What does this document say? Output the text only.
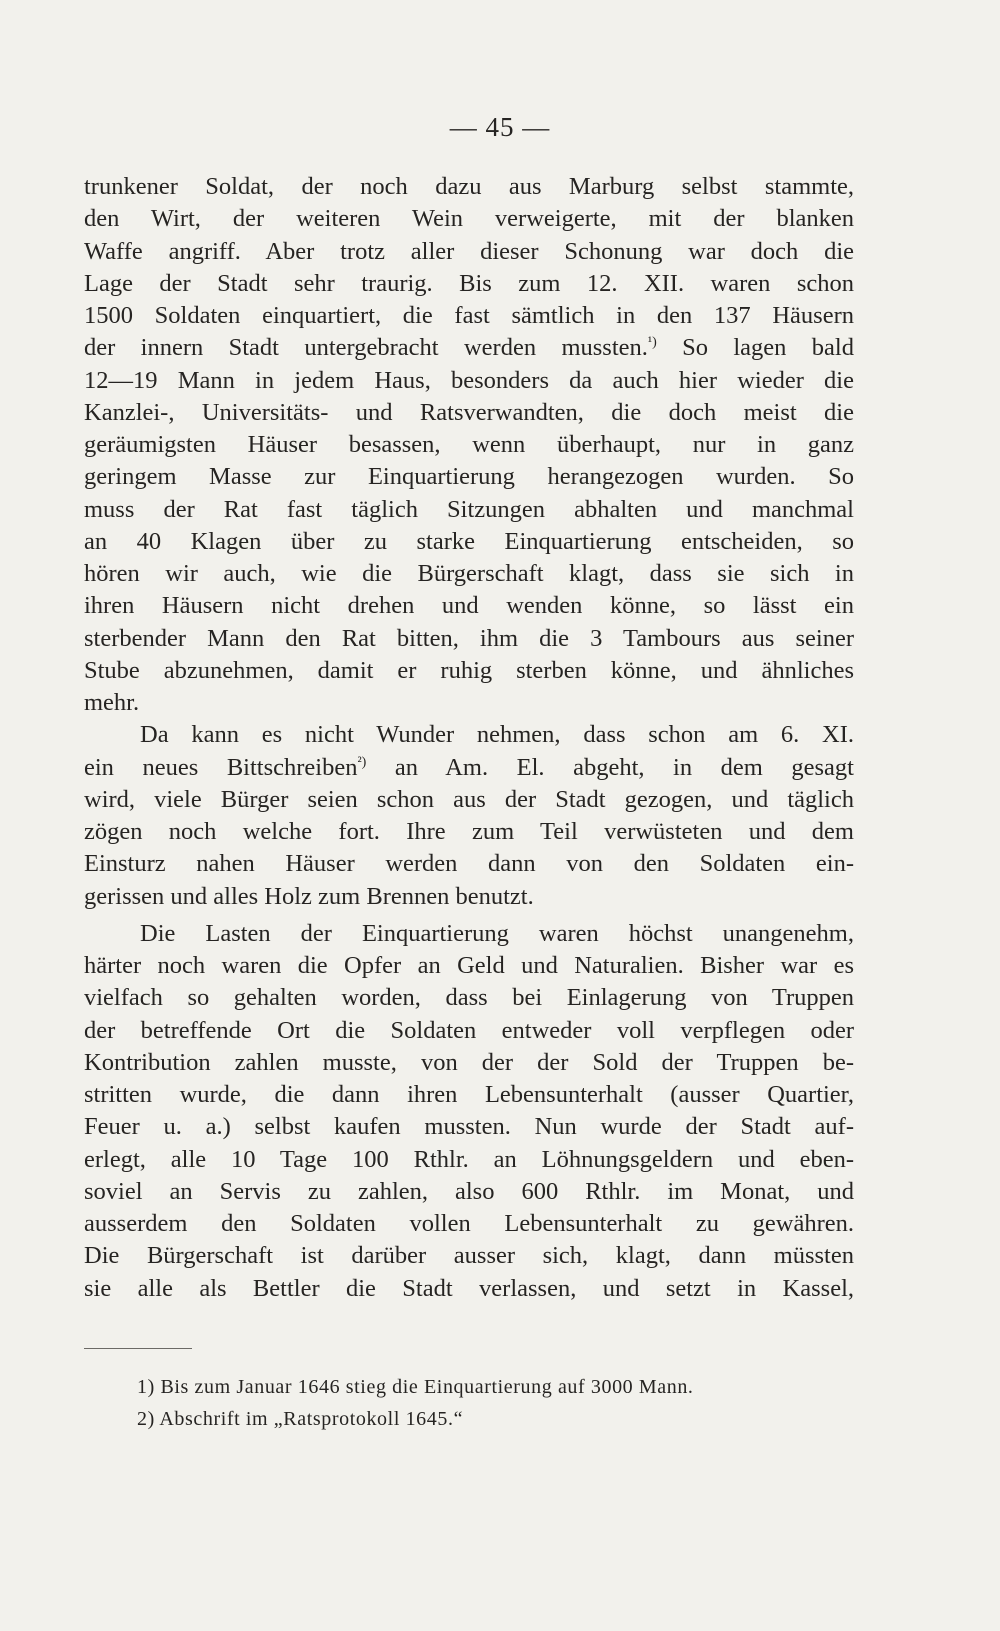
— 45 —
trunkener Soldat, der noch dazu aus Marburg selbst stammte,
den Wirt, der weiteren Wein verweigerte, mit der blanken
Waffe angriff. Aber trotz aller dieser Schonung war doch die
Lage der Stadt sehr traurig. Bis zum 12. XII. waren schon
1500 Soldaten einquartiert, die fast sämtlich in den 137 Häusern
der innern Stadt untergebracht werden mussten.$^{^1)}$ So lagen bald
12—19 Mann in jedem Haus, besonders da auch hier wieder die
Kanzlei-, Universitäts- und Ratsverwandten, die doch meist die
geräumigsten Häuser besassen, wenn überhaupt, nur in ganz
geringem Masse zur Einquartierung herangezogen wurden. So
muss der Rat fast täglich Sitzungen abhalten und manchmal
an 40 Klagen über zu starke Einquartierung entscheiden, so
hören wir auch, wie die Bürgerschaft klagt, dass sie sich in
ihren Häusern nicht drehen und wenden könne, so lässt ein
sterbender Mann den Rat bitten, ihm die 3 Tambours aus seiner
Stube abzunehmen, damit er ruhig sterben könne, und ähnliches
mehr.
Da kann es nicht Wunder nehmen, dass schon am 6. XI.
ein neues Bittschreiben$^{^2)}$ an Am. El. abgeht, in dem gesagt
wird, viele Bürger seien schon aus der Stadt gezogen, und täglich
zögen noch welche fort. Ihre zum Teil verwüsteten und dem
Einsturz nahen Häuser werden dann von den Soldaten ein-
gerissen und alles Holz zum Brennen benutzt.
Die Lasten der Einquartierung waren höchst unangenehm,
härter noch waren die Opfer an Geld und Naturalien. Bisher war es
vielfach so gehalten worden, dass bei Einlagerung von Truppen
der betreffende Ort die Soldaten entweder voll verpflegen oder
Kontribution zahlen musste, von der der Sold der Truppen be-
stritten wurde, die dann ihren Lebensunterhalt (ausser Quartier,
Feuer u. a.) selbst kaufen mussten. Nun wurde der Stadt auf-
erlegt, alle 10 Tage 100 Rthlr. an Löhnungsgeldern und eben-
soviel an Servis zu zahlen, also 600 Rthlr. im Monat, und
ausserdem den Soldaten vollen Lebensunterhalt zu gewähren.
Die Bürgerschaft ist darüber ausser sich, klagt, dann müssten
sie alle als Bettler die Stadt verlassen, und setzt in Kassel,
1) Bis zum Januar 1646 stieg die Einquartierung auf 3000 Mann.
2) Abschrift im „Ratsprotokoll 1645.“
